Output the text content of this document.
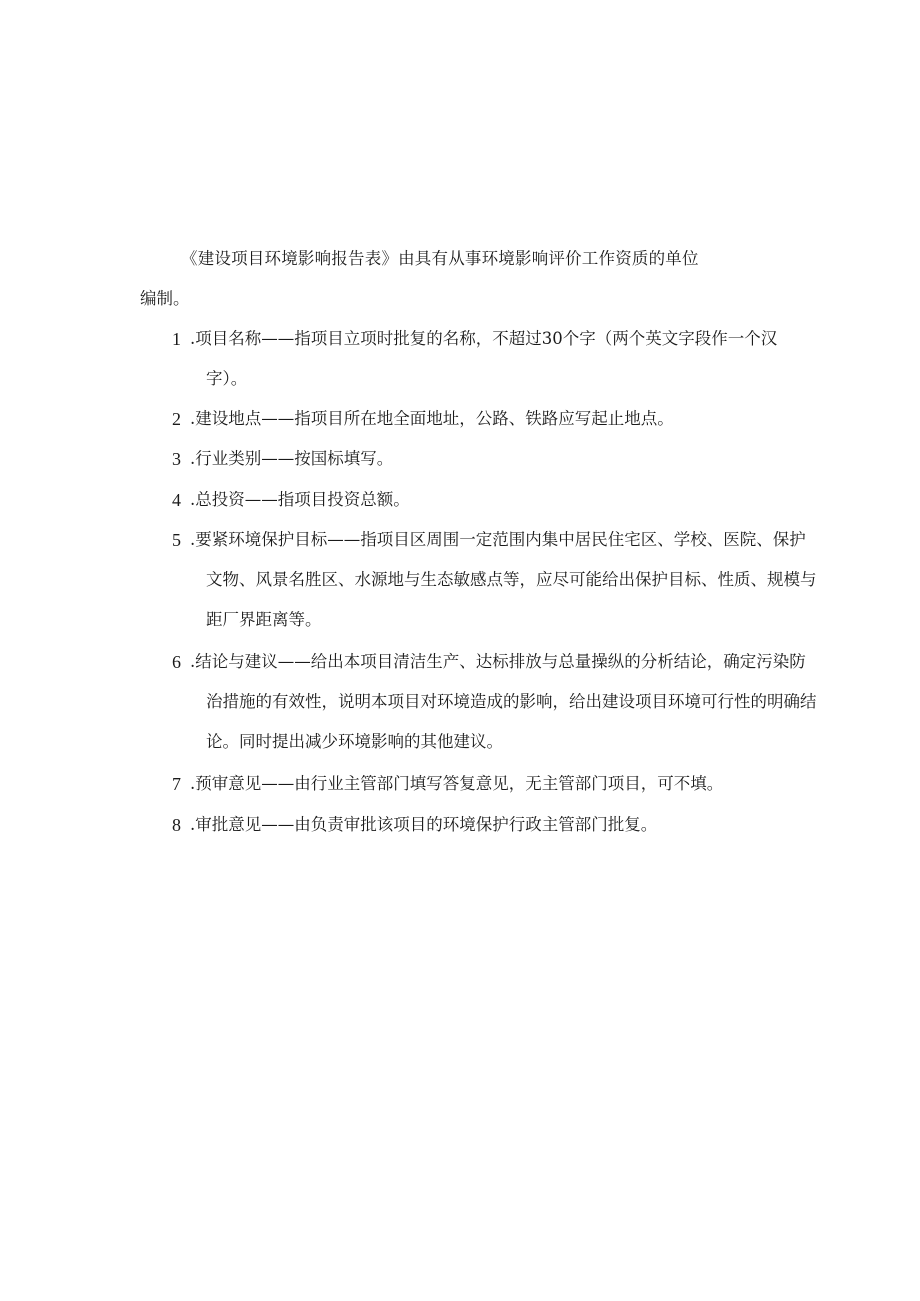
《建设项目环境影响报告表》由具有从事环境影响评价工作资质的单位
编制。
1 .项目名称——指项目立项时批复的名称，不超过30个字（两个英文字段作一个汉
字）。
2 .建设地点——指项目所在地全面地址，公路、铁路应写起止地点。
3 .行业类别——按国标填写。
4 .总投资——指项目投资总额。
5 .要紧环境保护目标——指项目区周围一定范围内集中居民住宅区、学校、医院、保护
文物、风景名胜区、水源地与生态敏感点等，应尽可能给出保护目标、性质、规模与
距厂界距离等。
6 .结论与建议——给出本项目清洁生产、达标排放与总量操纵的分析结论，确定污染防
治措施的有效性，说明本项目对环境造成的影响，给出建设项目环境可行性的明确结
论。同时提出减少环境影响的其他建议。
7 .预审意见——由行业主管部门填写答复意见，无主管部门项目，可不填。
8 .审批意见——由负责审批该项目的环境保护行政主管部门批复。
